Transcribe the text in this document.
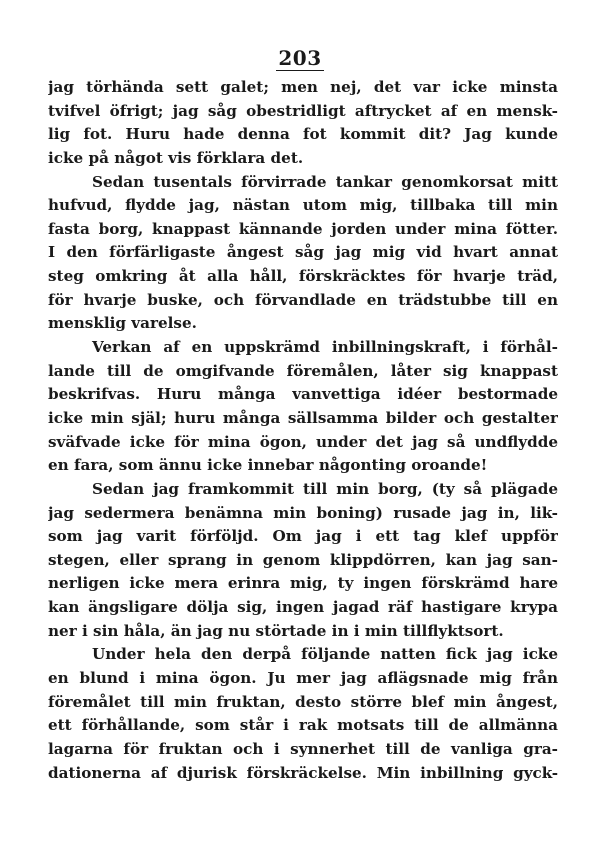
203
jag törhända sett galet; men nej, det var icke minsta
tvifvel öfrigt; jag såg obestridligt aftrycket af en mensk-
lig fot. Huru hade denna fot kommit dit? Jag kunde
icke på något vis förklara det.
Sedan tusentals förvirrade tankar genomkorsat mitt
hufvud, flydde jag, nästan utom mig, tillbaka till min
fasta borg, knappast kännande jorden under mina fötter.
I den förfärligaste ångest såg jag mig vid hvart annat
steg omkring åt alla håll, förskräcktes för hvarje träd,
för hvarje buske, och förvandlade en trädstubbe till en
mensklig varelse.
Verkan af en uppskrämd inbillningskraft, i förhål-
lande till de omgifvande föremålen, låter sig knappast
beskrifvas. Huru många vanvettiga idéer bestormade
icke min själ; huru många sällsamma bilder och gestalter
sväfvade icke för mina ögon, under det jag så undflydde
en fara, som ännu icke innebar någonting oroande!
Sedan jag framkommit till min borg, (ty så plägade
jag sedermera benämna min boning) rusade jag in, lik-
som jag varit förföljd. Om jag i ett tag klef uppför
stegen, eller sprang in genom klippdörren, kan jag san-
nerligen icke mera erinra mig, ty ingen förskrämd hare
kan ängsligare dölja sig, ingen jagad räf hastigare krypa
ner i sin håla, än jag nu störtade in i min tillflyktsort.
Under hela den derpå följande natten fick jag icke
en blund i mina ögon. Ju mer jag aflägsnade mig från
föremålet till min fruktan, desto större blef min ångest,
ett förhållande, som står i rak motsats till de allmänna
lagarna för fruktan och i synnerhet till de vanliga gra-
dationerna af djurisk förskräckelse. Min inbillning gyck-
